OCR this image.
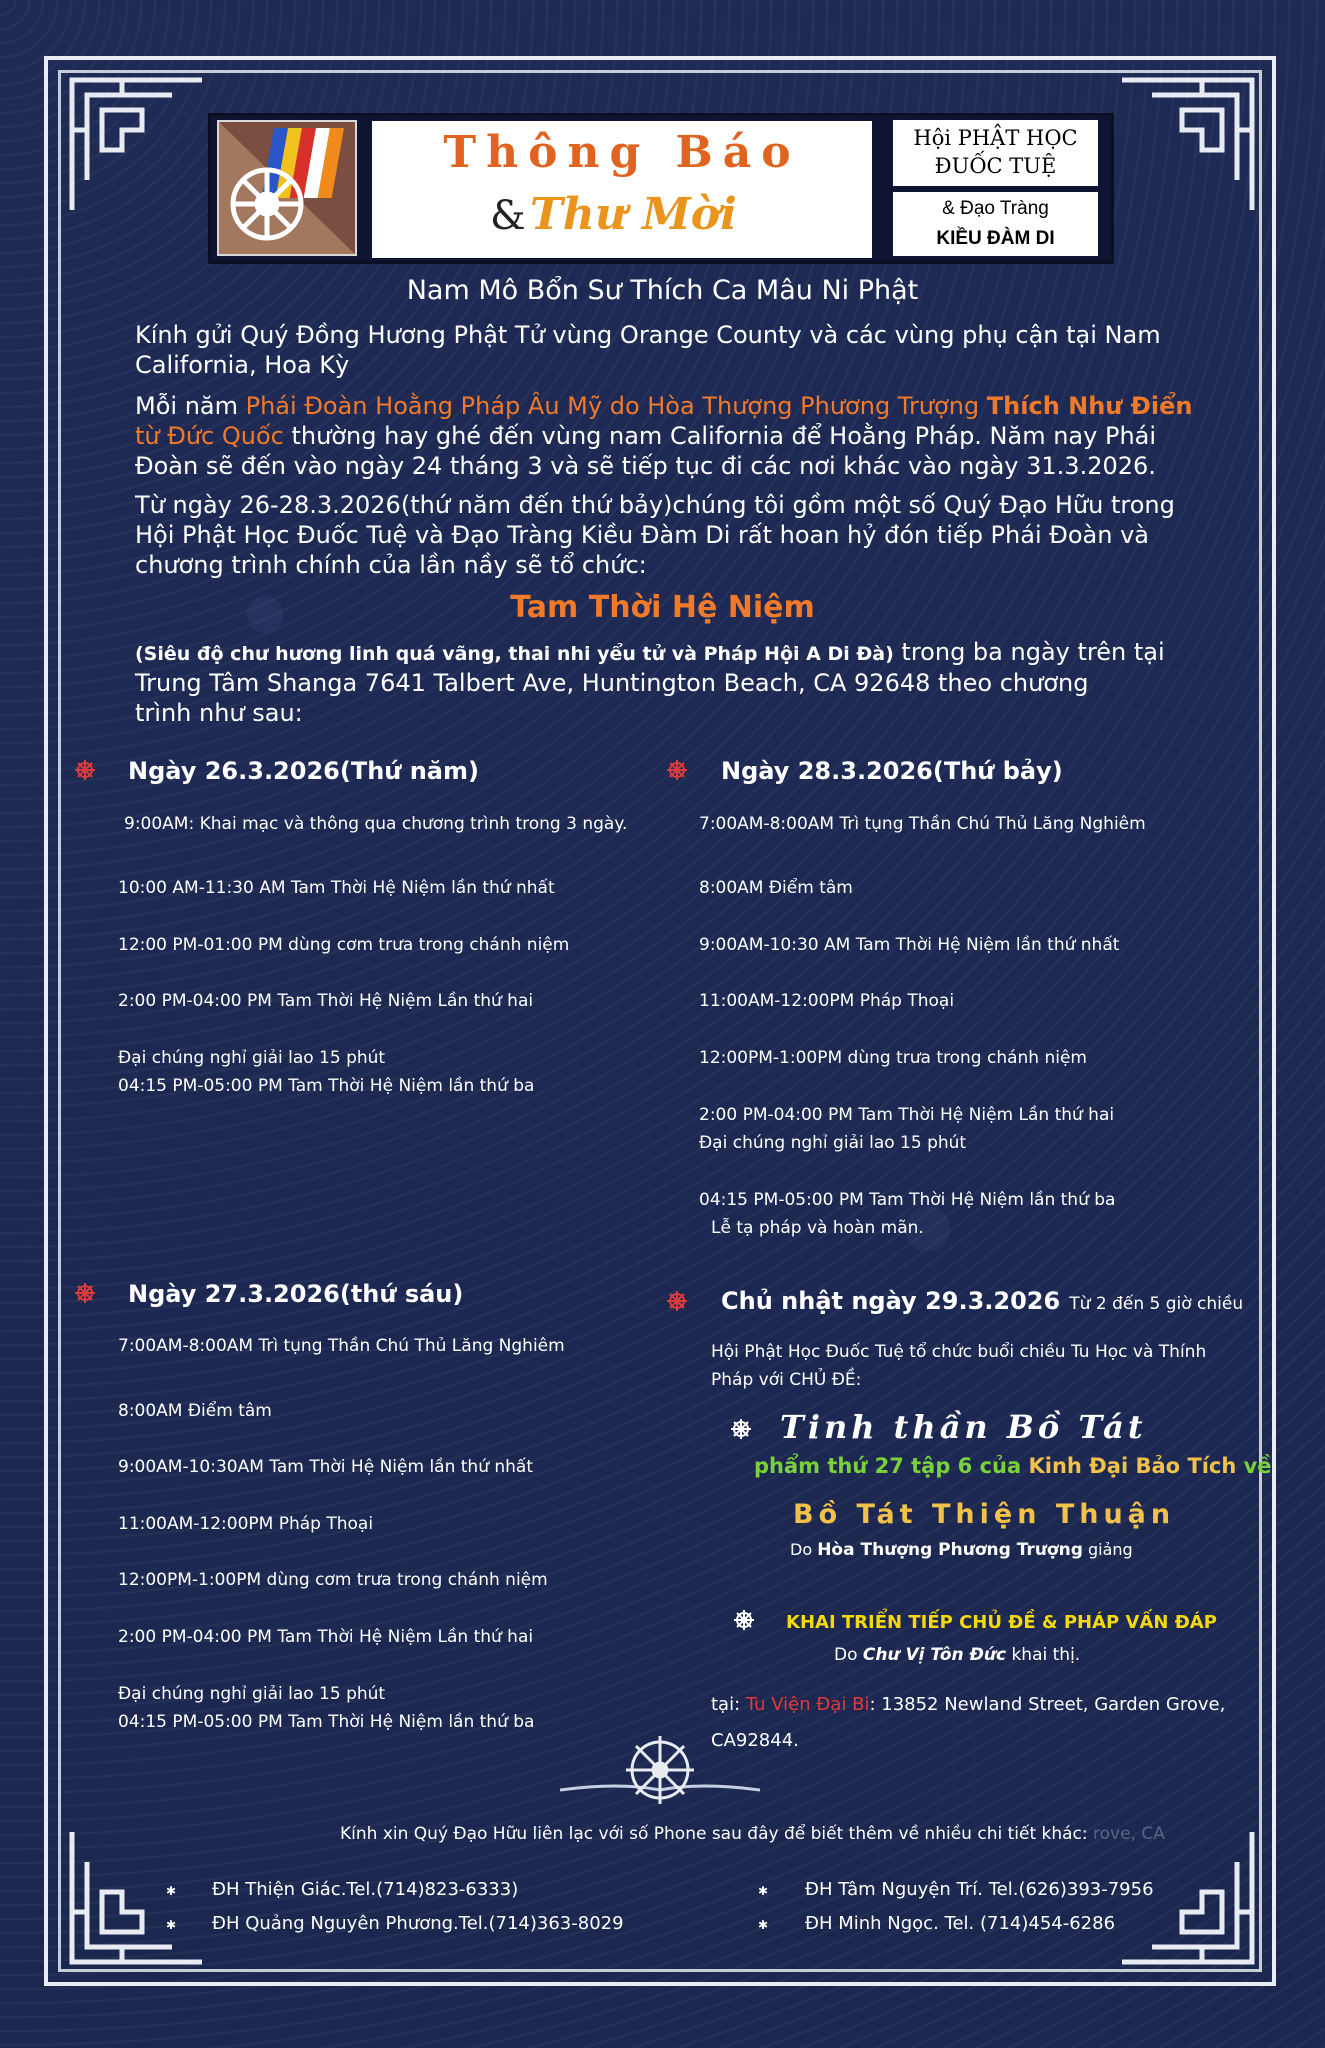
Thông Báo
& Thư Mời
Hội PHẬT HỌC
ĐUỐC TUỆ
& Đạo Tràng
KIỀU ĐÀM DI
Nam Mô Bổn Sư Thích Ca Mâu Ni Phật
Kính gửi Quý Đồng Hương Phật Tử vùng Orange County và các vùng phụ cận tại Nam
California, Hoa Kỳ
Mỗi năm Phái Đoàn Hoằng Pháp Âu Mỹ do Hòa Thượng Phương Trượng Thích Như Điển
từ Đức Quốc thường hay ghé đến vùng nam California để Hoằng Pháp. Năm nay Phái
Đoàn sẽ đến vào ngày 24 tháng 3 và sẽ tiếp tục đi các nơi khác vào ngày 31.3.2026.
Từ ngày 26-28.3.2026(thứ năm đến thứ bảy)chúng tôi gồm một số Quý Đạo Hữu trong
Hội Phật Học Đuốc Tuệ và Đạo Tràng Kiều Đàm Di rất hoan hỷ đón tiếp Phái Đoàn và
chương trình chính của lần nầy sẽ tổ chức:
Tam Thời Hệ Niệm
(Siêu độ chư hương linh quá vãng, thai nhi yểu tử và Pháp Hội A Di Đà) trong ba ngày trên tại
Trung Tâm Shanga 7641 Talbert Ave, Huntington Beach, CA 92648 theo chương
trình như sau:
Ngày 26.3.2026(Thứ năm)
9:00AM: Khai mạc và thông qua chương trình trong 3 ngày.
10:00 AM-11:30 AM Tam Thời Hệ Niệm lần thứ nhất
12:00 PM-01:00 PM dùng cơm trưa trong chánh niệm
2:00 PM-04:00 PM Tam Thời Hệ Niệm Lần thứ hai
Đại chúng nghỉ giải lao 15 phút
04:15 PM-05:00 PM Tam Thời Hệ Niệm lần thứ ba
Ngày 28.3.2026(Thứ bảy)
7:00AM-8:00AM Trì tụng Thần Chú Thủ Lăng Nghiêm
8:00AM Điểm tâm
9:00AM-10:30 AM Tam Thời Hệ Niệm lần thứ nhất
11:00AM-12:00PM Pháp Thoại
12:00PM-1:00PM dùng trưa trong chánh niệm
2:00 PM-04:00 PM Tam Thời Hệ Niệm Lần thứ hai
Đại chúng nghỉ giải lao 15 phút
04:15 PM-05:00 PM Tam Thời Hệ Niệm lần thứ ba
Lễ tạ pháp và hoàn mãn.
Ngày 27.3.2026(thứ sáu)
7:00AM-8:00AM Trì tụng Thần Chú Thủ Lăng Nghiêm
8:00AM Điểm tâm
9:00AM-10:30AM Tam Thời Hệ Niệm lần thứ nhất
11:00AM-12:00PM Pháp Thoại
12:00PM-1:00PM dùng cơm trưa trong chánh niệm
2:00 PM-04:00 PM Tam Thời Hệ Niệm Lần thứ hai
Đại chúng nghỉ giải lao 15 phút
04:15 PM-05:00 PM Tam Thời Hệ Niệm lần thứ ba
Chủ nhật ngày 29.3.2026 Từ 2 đến 5 giờ chiều
Hội Phật Học Đuốc Tuệ tổ chức buổi chiều Tu Học và Thính
Pháp với CHỦ ĐỀ:
Tinh thần Bồ Tát
phẩm thứ 27 tập 6 của Kinh Đại Bảo Tích về
Bồ Tát Thiện Thuận
Do Hòa Thượng Phương Trượng giảng
KHAI TRIỂN TIẾP CHỦ ĐỀ & PHÁP VẤN ĐÁP
Do Chư Vị Tôn Đức khai thị.
tại: Tu Viện Đại Bi: 13852 Newland Street, Garden Grove,
CA92844.
Kính xin Quý Đạo Hữu liên lạc với số Phone sau đây để biết thêm về nhiều chi tiết khác: rove, CA
✱ ĐH Thiện Giác.Tel.(714)823-6333)
✱ ĐH Quảng Nguyên Phương.Tel.(714)363-8029
✱ ĐH Tâm Nguyện Trí. Tel.(626)393-7956
✱ ĐH Minh Ngọc. Tel. (714)454-6286
